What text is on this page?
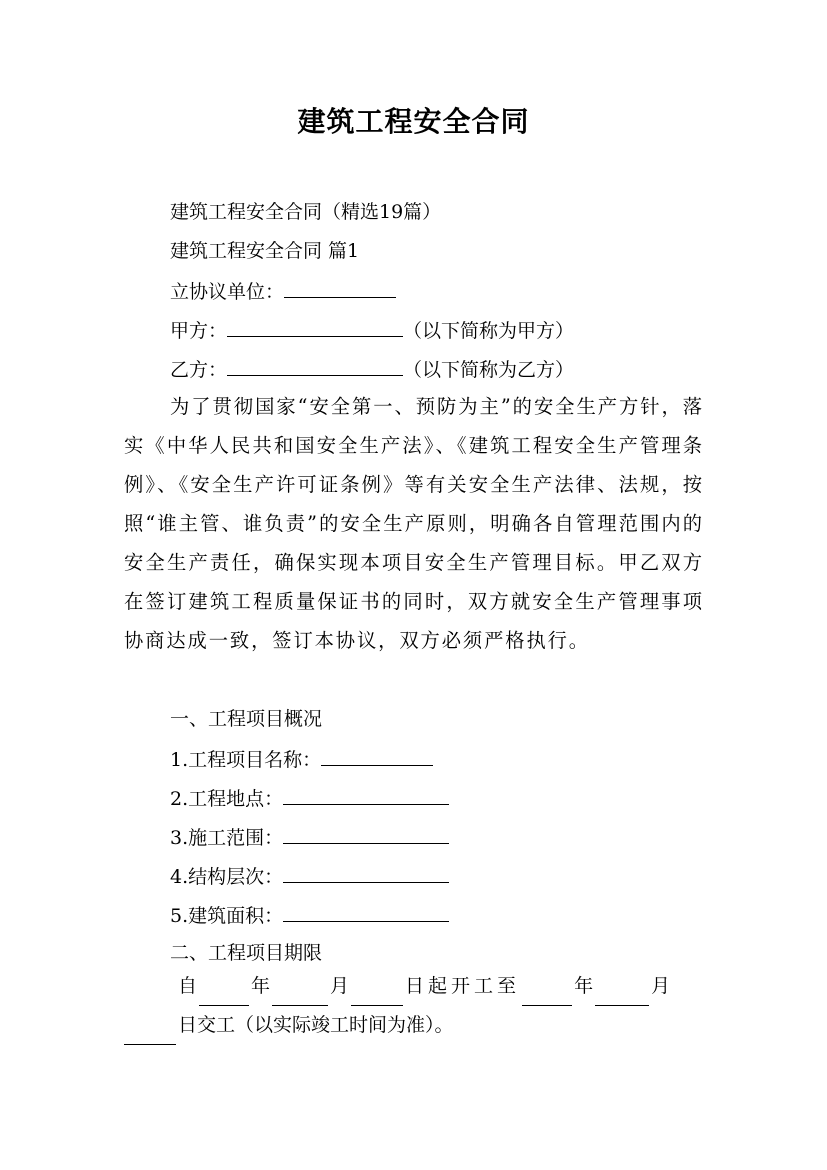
建筑工程安全合同
建筑工程安全合同（精选19篇）
建筑工程安全合同 篇1
立协议单位：
甲方：	（以下简称为甲方）
乙方：	（以下简称为乙方）
为了贯彻国家“安全第一、预防为主”的安全生产方针，落实《中华人民共和国安全生产法》、《建筑工程安全生产管理条例》、《安全生产许可证条例》等有关安全生产法律、法规，按照“谁主管、谁负责”的安全生产原则，明确各自管理范围内的安全生产责任，确保实现本项目安全生产管理目标。甲乙双方在签订建筑工程质量保证书的同时，双方就安全生产管理事项协商达成一致，签订本协议，双方必须严格执行。
一、工程项目概况
1.工程项目名称：
2.工程地点：
3.施工范围：
4.结构层次：
5.建筑面积：
二、工程项目期限
自	年	月	日起开工至	年	月
日交工（以实际竣工时间为准）。
